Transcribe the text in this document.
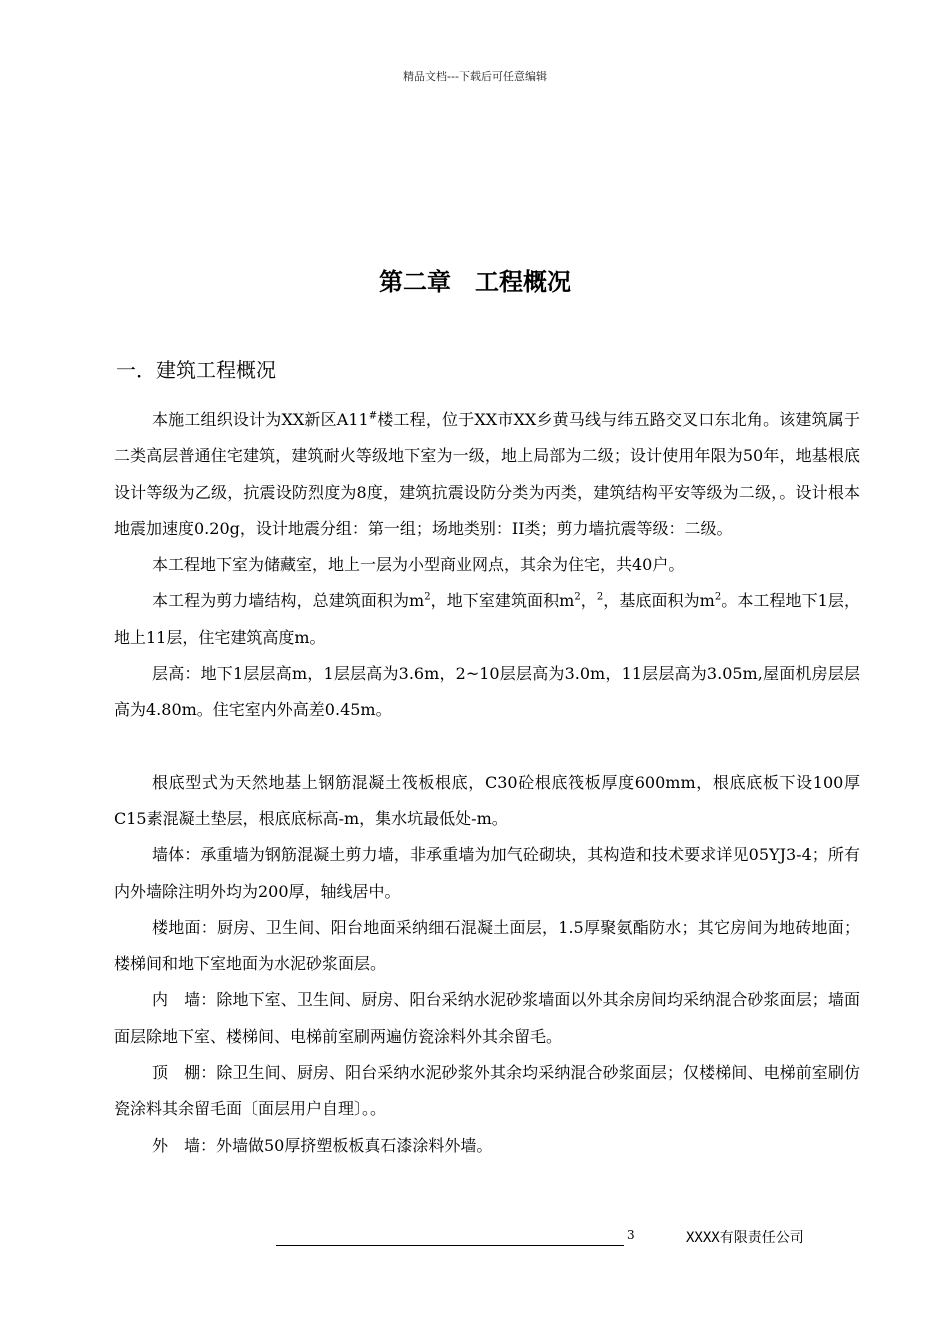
精品文档---下载后可任意编辑
第二章　工程概况
一．建筑工程概况

本施工组织设计为XX新区A11#楼工程，位于XX市XX乡黄马线与纬五路交叉口东北角。该建筑属于二类高层普通住宅建筑，建筑耐火等级地下室为一级，地上局部为二级；设计使用年限为50年，地基根底设计等级为乙级，抗震设防烈度为8度，建筑抗震设防分类为丙类，建筑结构平安等级为二级，。设计根本地震加速度0.20g，设计地震分组：第一组；场地类别：II类；剪力墙抗震等级：二级。

本工程地下室为储藏室，地上一层为小型商业网点，其余为住宅，共40户。

本工程为剪力墙结构，总建筑面积为$m^2$，地下室建筑面积$m^2$，$^2$，基底面积为$m^2$。本工程地下1层，地上11层，住宅建筑高度m。

层高：地下1层层高m，1层层高为3.6m，2~10层层高为3.0m，11层层高为3.05m,屋面机房层层高为4.80m。住宅室内外高差0.45m。

根底型式为天然地基上钢筋混凝土筏板根底，C30砼根底筏板厚度600mm，根底底板下设100厚C15素混凝土垫层，根底底标高-m，集水坑最低处-m。

墙体：承重墙为钢筋混凝土剪力墙，非承重墙为加气砼砌块，其构造和技术要求详见05YJ3-4；所有内外墙除注明外均为200厚，轴线居中。

楼地面：厨房、卫生间、阳台地面采纳细石混凝土面层，1.5厚聚氨酯防水；其它房间为地砖地面；楼梯间和地下室地面为水泥砂浆面层。

内　墙：除地下室、卫生间、厨房、阳台采纳水泥砂浆墙面以外其余房间均采纳混合砂浆面层；墙面面层除地下室、楼梯间、电梯前室刷两遍仿瓷涂料外其余留毛。

顶　棚：除卫生间、厨房、阳台采纳水泥砂浆外其余均采纳混合砂浆面层；仅楼梯间、电梯前室刷仿瓷涂料其余留毛面〔面层用户自理〕。。

外　墙：外墙做50厚挤塑板板真石漆涂料外墙。

3	XXXX有限责任公司
